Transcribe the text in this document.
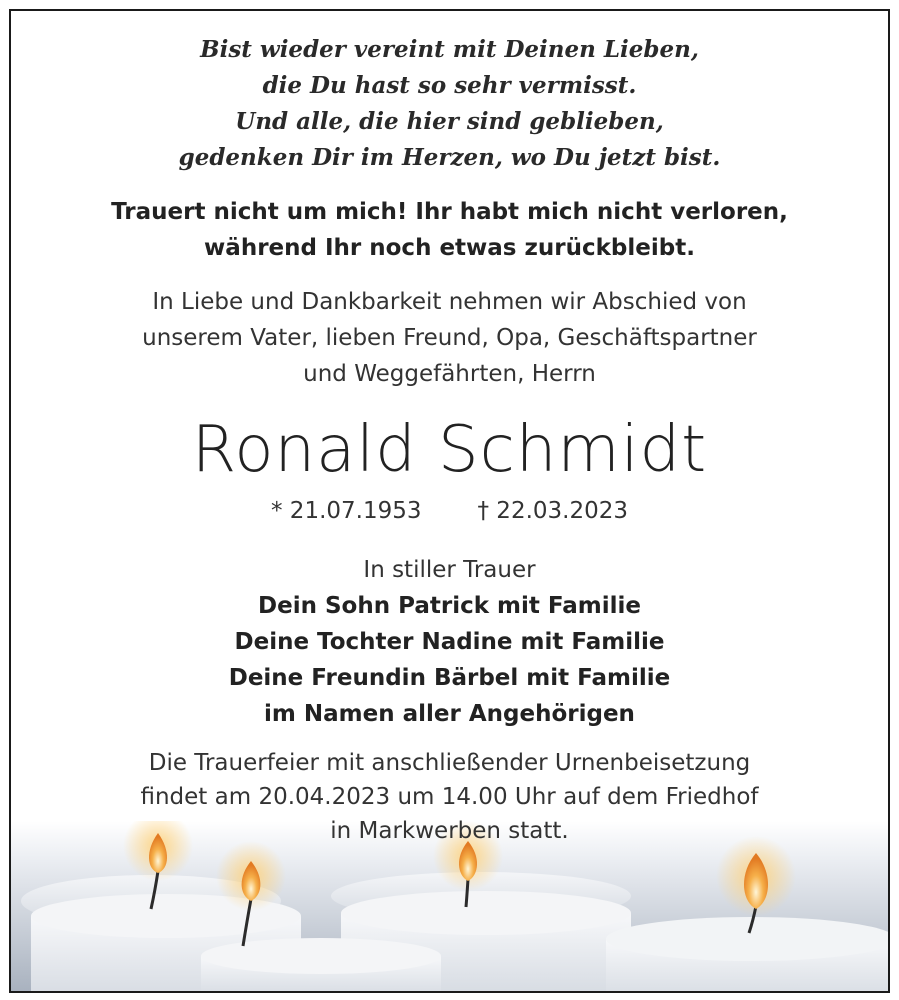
Bist wieder vereint mit Deinen Lieben,
die Du hast so sehr vermisst.
Und alle, die hier sind geblieben,
gedenken Dir im Herzen, wo Du jetzt bist.
Trauert nicht um mich! Ihr habt mich nicht verloren,
während Ihr noch etwas zurückbleibt.
In Liebe und Dankbarkeit nehmen wir Abschied von
unserem Vater, lieben Freund, Opa, Geschäftspartner
und Weggefährten, Herrn
Ronald Schmidt
* 21.07.1953 † 22.03.2023
In stiller Trauer
Dein Sohn Patrick mit Familie
Deine Tochter Nadine mit Familie
Deine Freundin Bärbel mit Familie
im Namen aller Angehörigen
Die Trauerfeier mit anschließender Urnenbeisetzung
findet am 20.04.2023 um 14.00 Uhr auf dem Friedhof
in Markwerben statt.
